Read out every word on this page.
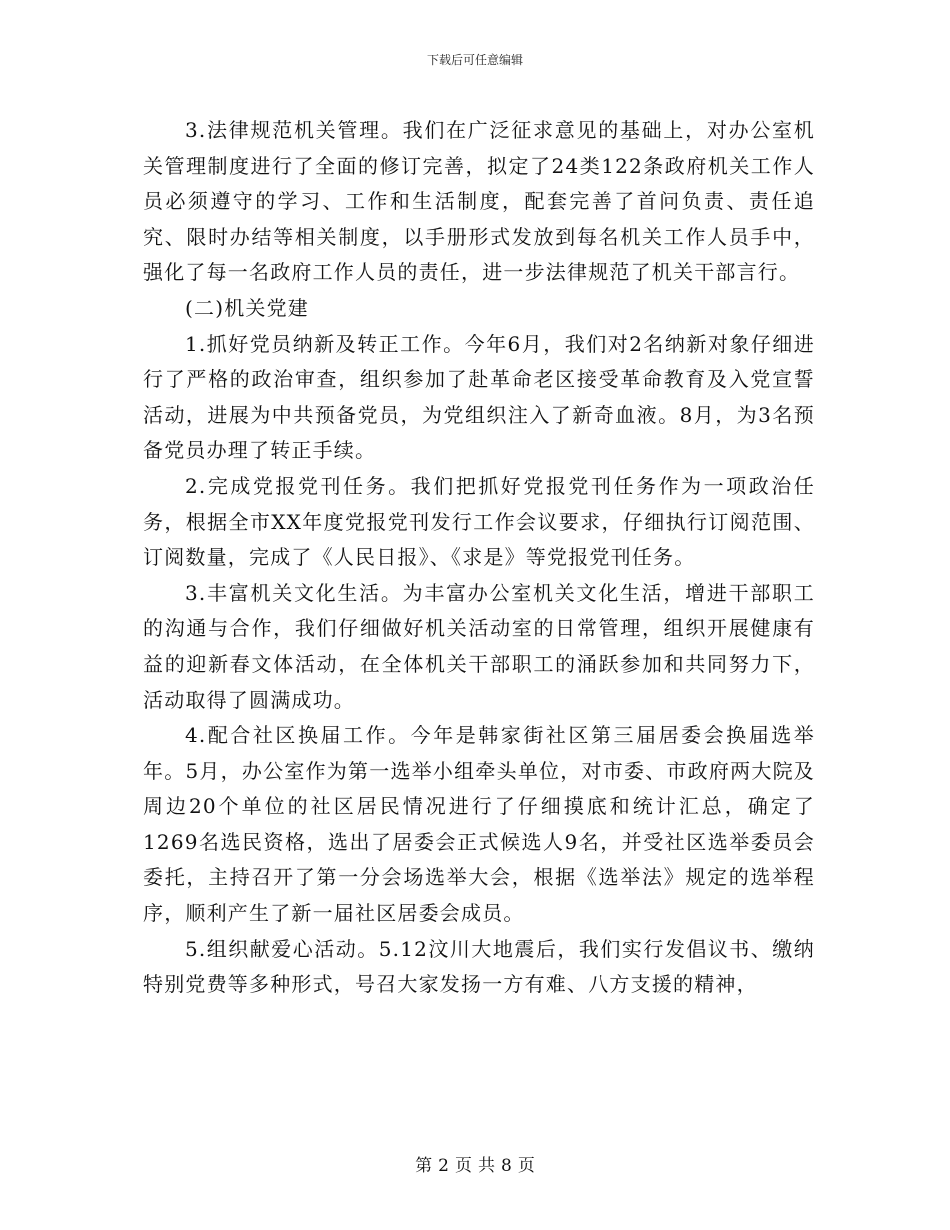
下载后可任意编辑

3.法律规范机关管理。我们在广泛征求意见的基础上，对办公室机关管理制度进行了全面的修订完善，拟定了24类122条政府机关工作人员必须遵守的学习、工作和生活制度，配套完善了首问负责、责任追究、限时办结等相关制度，以手册形式发放到每名机关工作人员手中，强化了每一名政府工作人员的责任，进一步法律规范了机关干部言行。

(二)机关党建

1.抓好党员纳新及转正工作。今年6月，我们对2名纳新对象仔细进行了严格的政治审查，组织参加了赴革命老区接受革命教育及入党宣誓活动，进展为中共预备党员，为党组织注入了新奇血液。8月，为3名预备党员办理了转正手续。

2.完成党报党刊任务。我们把抓好党报党刊任务作为一项政治任务，根据全市XX年度党报党刊发行工作会议要求，仔细执行订阅范围、订阅数量，完成了《人民日报》、《求是》等党报党刊任务。

3.丰富机关文化生活。为丰富办公室机关文化生活，增进干部职工的沟通与合作，我们仔细做好机关活动室的日常管理，组织开展健康有益的迎新春文体活动，在全体机关干部职工的涌跃参加和共同努力下，活动取得了圆满成功。

4.配合社区换届工作。今年是韩家街社区第三届居委会换届选举年。5月，办公室作为第一选举小组牵头单位，对市委、市政府两大院及周边20个单位的社区居民情况进行了仔细摸底和统计汇总，确定了1269名选民资格，选出了居委会正式候选人9名，并受社区选举委员会委托，主持召开了第一分会场选举大会，根据《选举法》规定的选举程序，顺利产生了新一届社区居委会成员。

5.组织献爱心活动。5.12汶川大地震后，我们实行发倡议书、缴纳特别党费等多种形式，号召大家发扬一方有难、八方支援的精神，

第 2 页 共 8 页
